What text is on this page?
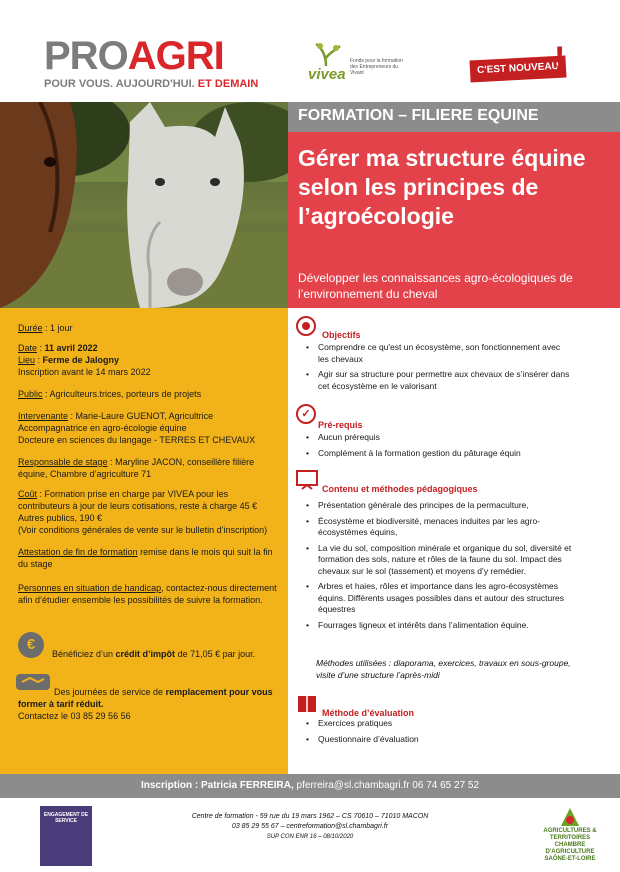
PROAGRI
POUR VOUS. AUJOURD'HUI. ET DEMAIN
vivea
Fonds pour la formation des Entrepreneurs du Vivant	C'EST NOUVEAU
!
FORMATION – FILIERE EQUINE
Gérer ma structure équine selon les principes de l’agroécologie
Développer les connaissances agro-écologiques de l’environnement du cheval
Durée : 1 jour
Date : 11 avril 2022
Lieu : Ferme de Jalogny
Inscription avant le 14 mars 2022
Public : Agriculteurs.trices, porteurs de projets
Intervenante : Marie-Laure GUENOT, Agricultrice
Accompagnatrice en agro-écologie équine
Docteure en sciences du langage - TERRES ET CHEVAUX
Responsable de stage : Maryline JACON, conseillère filière équine, Chambre d’agriculture 71
Coût : Formation prise en charge par VIVEA pour les contributeurs à jour de leurs cotisations, reste à charge 45 € Autres publics, 190 €
(Voir conditions générales de vente sur le bulletin d’inscription)
Attestation de fin de formation remise dans le mois qui suit la fin du stage
Personnes en situation de handicap, contactez-nous directement afin d’étudier ensemble les possibilités de suivre la formation.
€
Bénéficiez d’un crédit d’impôt de 71,05 € par jour.
Des journées de service de remplacement pour vous former à tarif réduit.
Contactez le 03 85 29 56 56
Objectifs
• Comprendre ce qu'est un écosystème, son fonctionnement avec les chevaux
• Agir sur sa structure pour permettre aux chevaux de s’insérer dans cet écosystème en le valorisant
✓
Pré-requis
• Aucun prérequis
• Complément à la formation gestion du pâturage équin
Contenu et méthodes pédagogiques
• Présentation générale des principes de la permaculture,
• Écosystème et biodiversité, menaces induites par les agro-écosystèmes équins,
• La vie du sol, composition minérale et organique du sol, diversité et formation des sols, nature et rôles de la faune du sol. Impact des chevaux sur le sol (tassement) et moyens d’y remédier.
• Arbres et haies, rôles et importance dans les agro-écosystèmes équins. Différents usages possibles dans et autour des structures équestres
• Fourrages ligneux et intérêts dans l’alimentation équine.
Méthodes utilisées : diaporama, exercices, travaux en sous-groupe, visite d’une structure l’après-midi
Méthode d’évaluation
• Exercices pratiques
• Questionnaire d’évaluation
Inscription : Patricia FERREIRA, pferreira@sl.chambagri.fr 06 74 65 27 52
ENGAGEMENT DE SERVICE
Centre de formation - 59 rue du 19 mars 1962 – CS 70610 – 71010 MACON
03 85 29 55 67 – centreformation@sl.chambagri.fr
SUP CON ENR 16 – 08/10/2020
AGRICULTURES & TERRITOIRES CHAMBRE D'AGRICULTURE SAÔNE-ET-LOIRE
